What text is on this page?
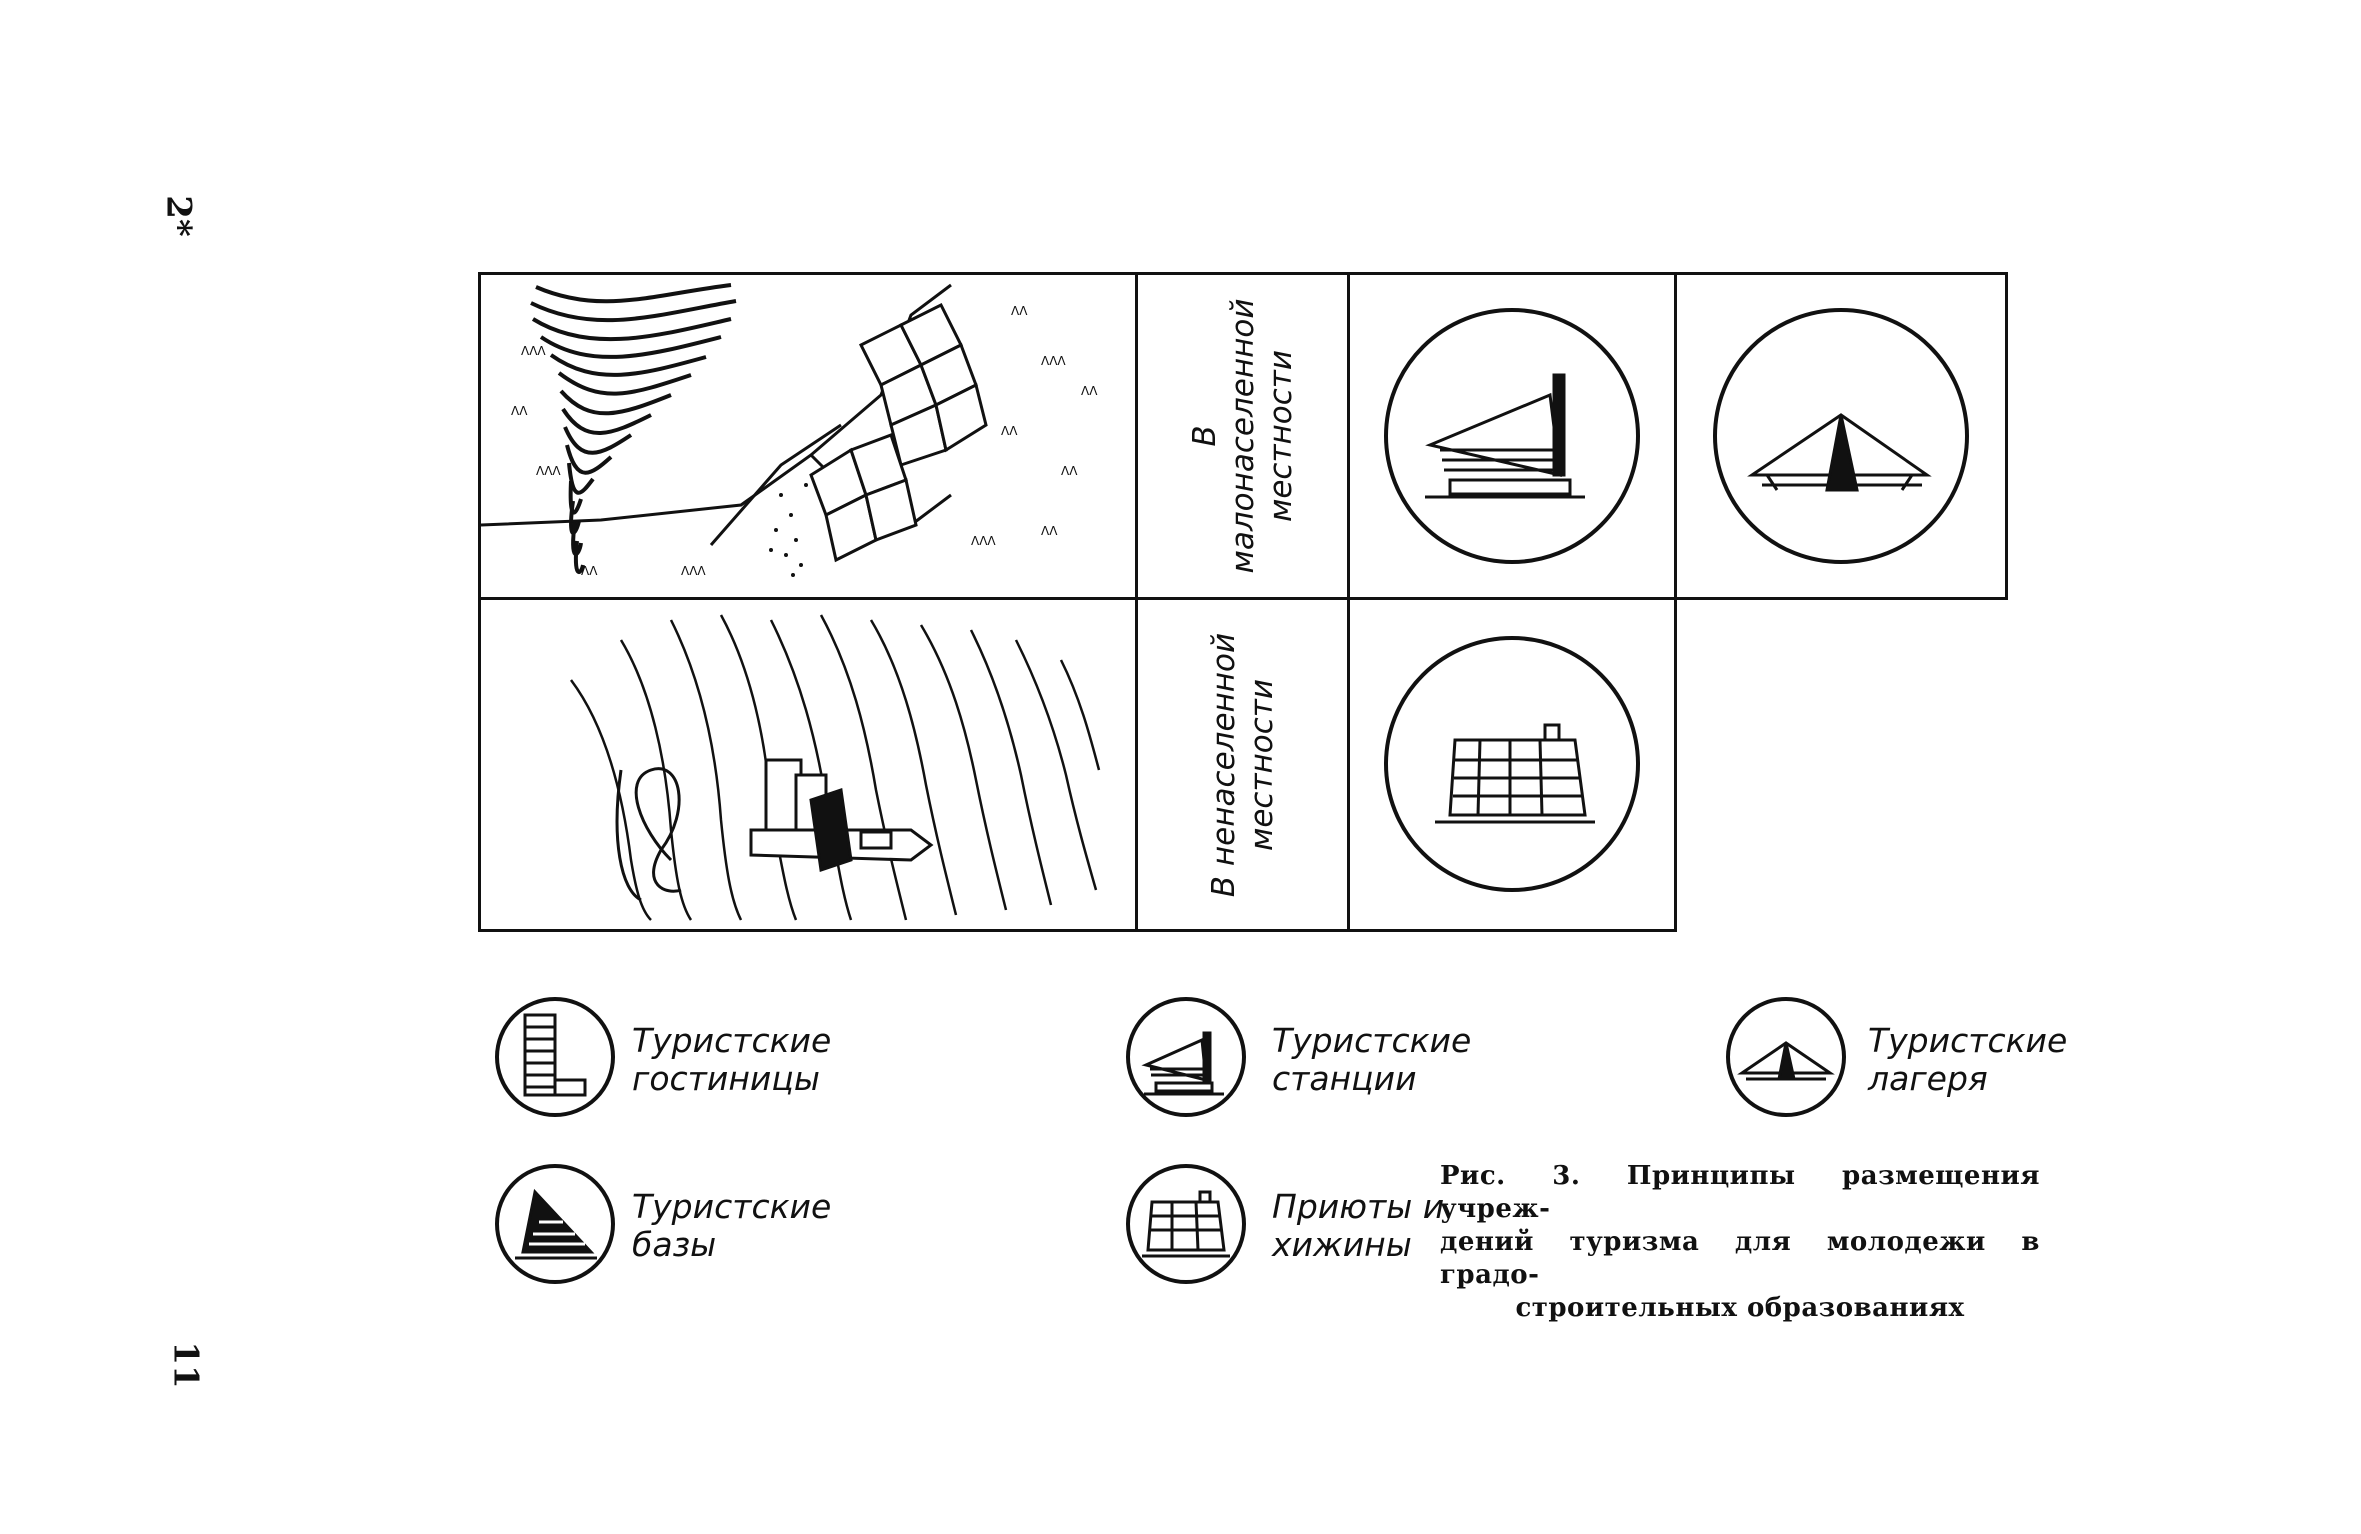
2*
11
ΛΛΛ
ΛΛ
ΛΛΛ
ΛΛ	ΛΛΛ
ΛΛ
ΛΛΛ
ΛΛ
ΛΛ
ΛΛΛ
ΛΛ
ΛΛ
В малонаселенной местности
В ненаселенной местности
Туристские гостиницы
Туристские станции
Туристские лагеря
Туристские базы
Приюты и хижины
Рис. 3. Принципы размещения учреж-
дений туризма для молодежи в градо-
строительных образованиях
